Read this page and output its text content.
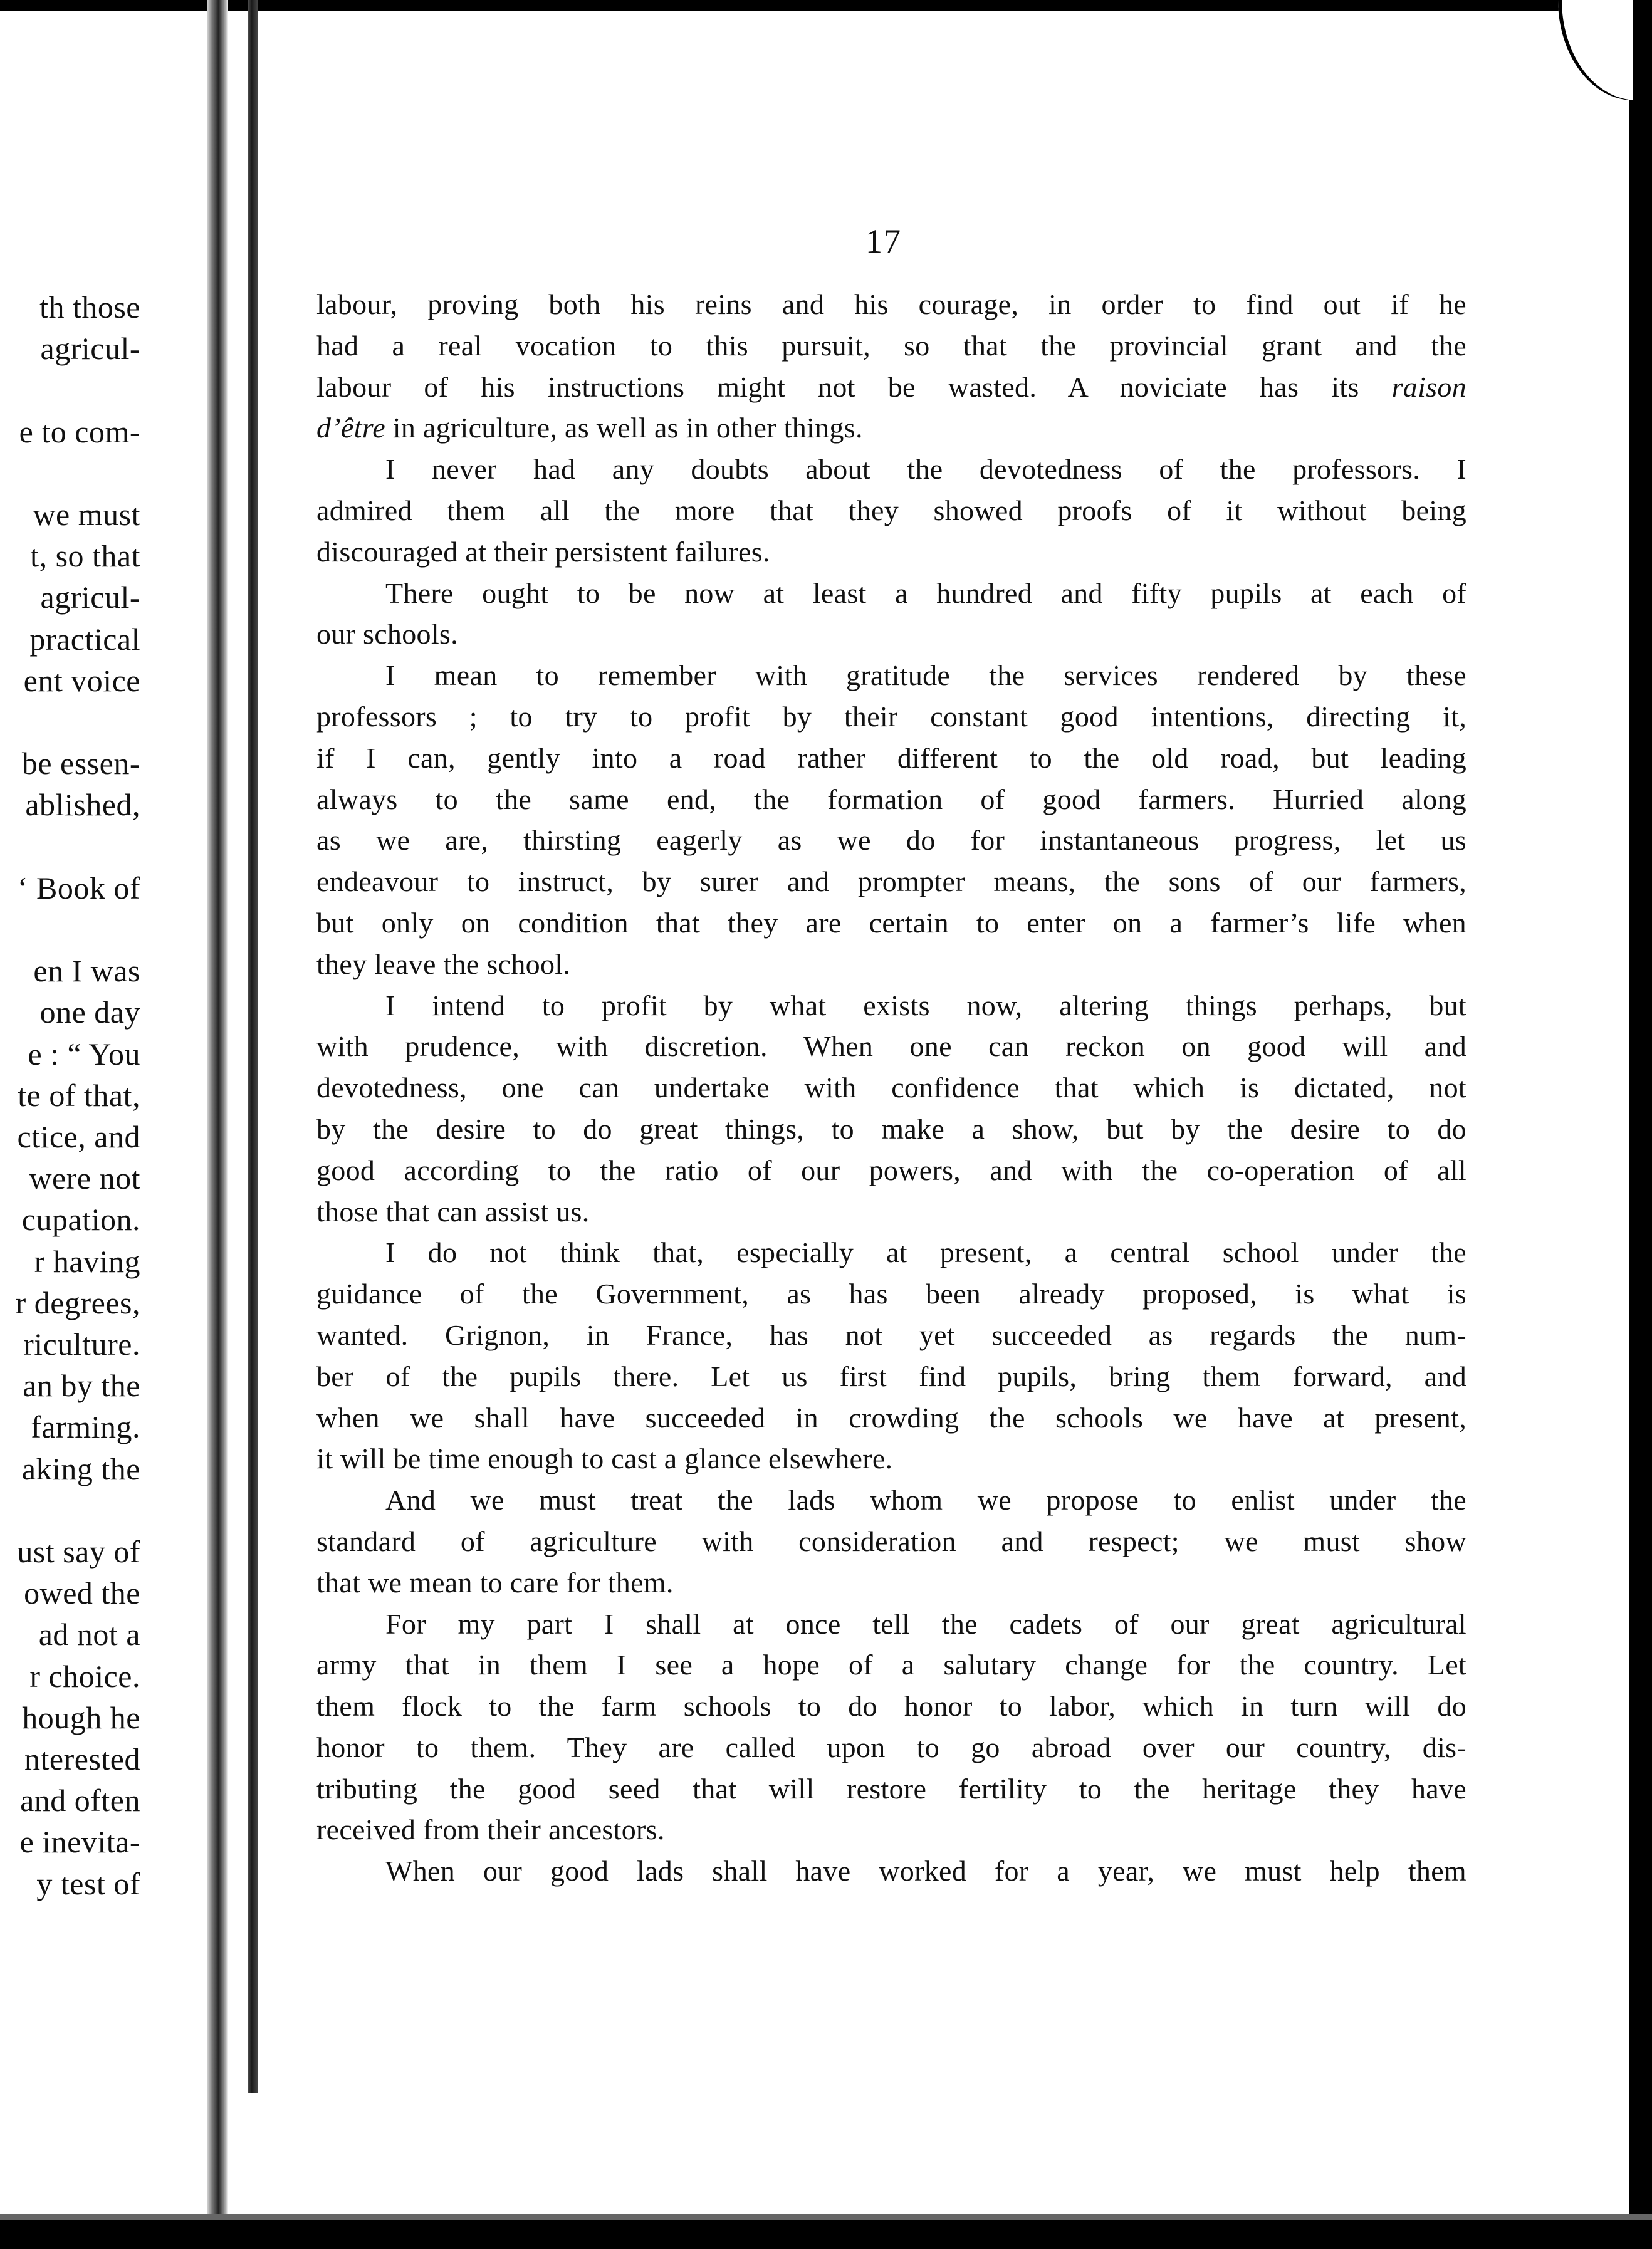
th those
agricul-
e to com-
we must
t, so that
agricul-
practical
ent voice
be essen-
ablished,
‘ Book of
en I was
one day
e : “ You
te of that,
ctice, and
were not
cupation.
r having
r degrees,
riculture.
an by the
farming.
aking the
ust say of
owed the
ad not a
r choice.
hough he
nterested
and often
e inevita-
y test of
17
labour, proving both his reins and his courage, in order to find out if he
had a real vocation to this pursuit, so that the provincial grant and the
labour of his instructions might not be wasted. A noviciate has its raison
d’être in agriculture, as well as in other things.
I never had any doubts about the devotedness of the professors. I
admired them all the more that they showed proofs of it without being
discouraged at their persistent failures.
There ought to be now at least a hundred and fifty pupils at each of
our schools.
I mean to remember with gratitude the services rendered by these
professors ; to try to profit by their constant good intentions, directing it,
if I can, gently into a road rather different to the old road, but leading
always to the same end, the formation of good farmers. Hurried along
as we are, thirsting eagerly as we do for instantaneous progress, let us
endeavour to instruct, by surer and prompter means, the sons of our farmers,
but only on condition that they are certain to enter on a farmer’s life when
they leave the school.
I intend to profit by what exists now, altering things perhaps, but
with prudence, with discretion. When one can reckon on good will and
devotedness, one can undertake with confidence that which is dictated, not
by the desire to do great things, to make a show, but by the desire to do
good according to the ratio of our powers, and with the co-operation of all
those that can assist us.
I do not think that, especially at present, a central school under the
guidance of the Government, as has been already proposed, is what is
wanted. Grignon, in France, has not yet succeeded as regards the num-
ber of the pupils there. Let us first find pupils, bring them forward, and
when we shall have succeeded in crowding the schools we have at present,
it will be time enough to cast a glance elsewhere.
And we must treat the lads whom we propose to enlist under the
standard of agriculture with consideration and respect; we must show
that we mean to care for them.
For my part I shall at once tell the cadets of our great agricultural
army that in them I see a hope of a salutary change for the country. Let
them flock to the farm schools to do honor to labor, which in turn will do
honor to them. They are called upon to go abroad over our country, dis-
tributing the good seed that will restore fertility to the heritage they have
received from their ancestors.
When our good lads shall have worked for a year, we must help them
